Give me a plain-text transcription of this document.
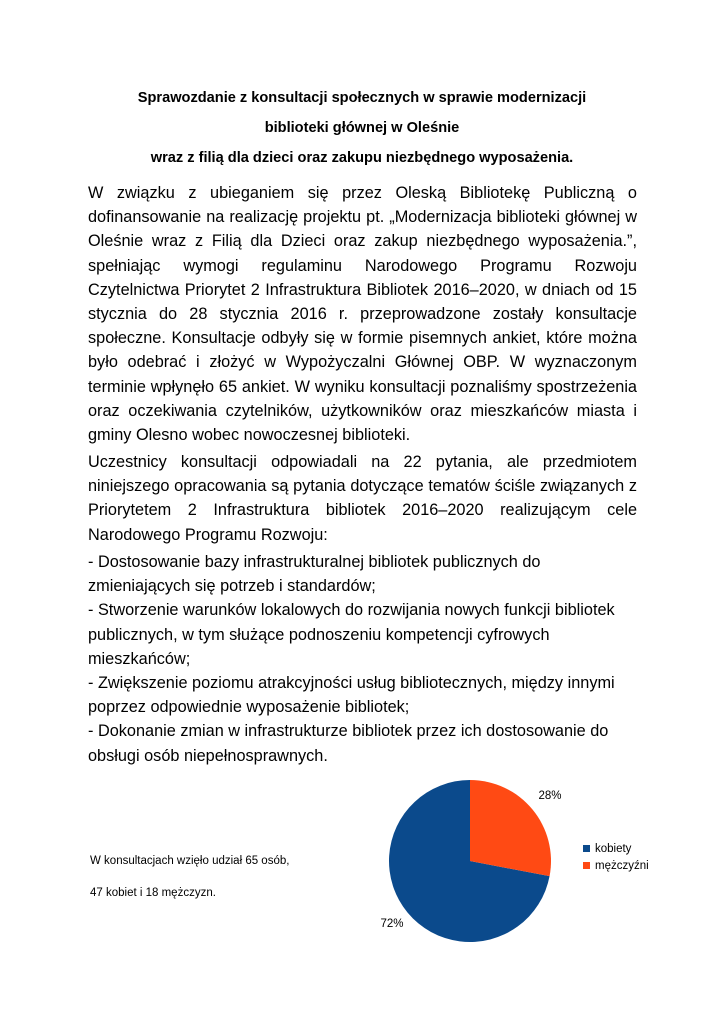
Sprawozdanie z konsultacji społecznych w sprawie modernizacji
biblioteki głównej w Oleśnie
wraz z filią dla dzieci oraz zakupu niezbędnego wyposażenia.

W związku z ubieganiem się przez Oleską Bibliotekę Publiczną o dofinansowanie na realizację projektu pt. „Modernizacja biblioteki głównej w Oleśnie wraz z Filią dla Dzieci oraz zakup niezbędnego wyposażenia.”, spełniając wymogi regulaminu Narodowego Programu Rozwoju Czytelnictwa Priorytet 2 Infrastruktura Bibliotek 2016–2020, w dniach od 15 stycznia do 28 stycznia 2016 r. przeprowadzone zostały konsultacje społeczne. Konsultacje odbyły się w formie pisemnych ankiet, które można było odebrać i złożyć w Wypożyczalni Głównej OBP. W wyznaczonym terminie wpłynęło 65 ankiet. W wyniku konsultacji poznaliśmy spostrzeżenia oraz oczekiwania czytelników, użytkowników oraz mieszkańców miasta i gminy Olesno wobec nowoczesnej biblioteki.

Uczestnicy konsultacji odpowiadali na 22 pytania, ale przedmiotem niniejszego opracowania są pytania dotyczące tematów ściśle związanych z Priorytetem 2 Infrastruktura bibliotek 2016–2020 realizującym cele Narodowego Programu Rozwoju:

- Dostosowanie bazy infrastrukturalnej bibliotek publicznych do zmieniających się potrzeb i standardów;
- Stworzenie warunków lokalowych do rozwijania nowych funkcji bibliotek publicznych, w tym służące podnoszeniu kompetencji cyfrowych mieszkańców;
- Zwiększenie poziomu atrakcyjności usług bibliotecznych, między innymi poprzez odpowiednie wyposażenie bibliotek;
- Dokonanie zmian w infrastrukturze bibliotek przez ich dostosowanie do obsługi osób niepełnosprawnych.

W konsultacjach wzięło udział 65 osób,

47 kobiet i 18 mężczyzn.

72%
28%
kobiety
mężczyźni
